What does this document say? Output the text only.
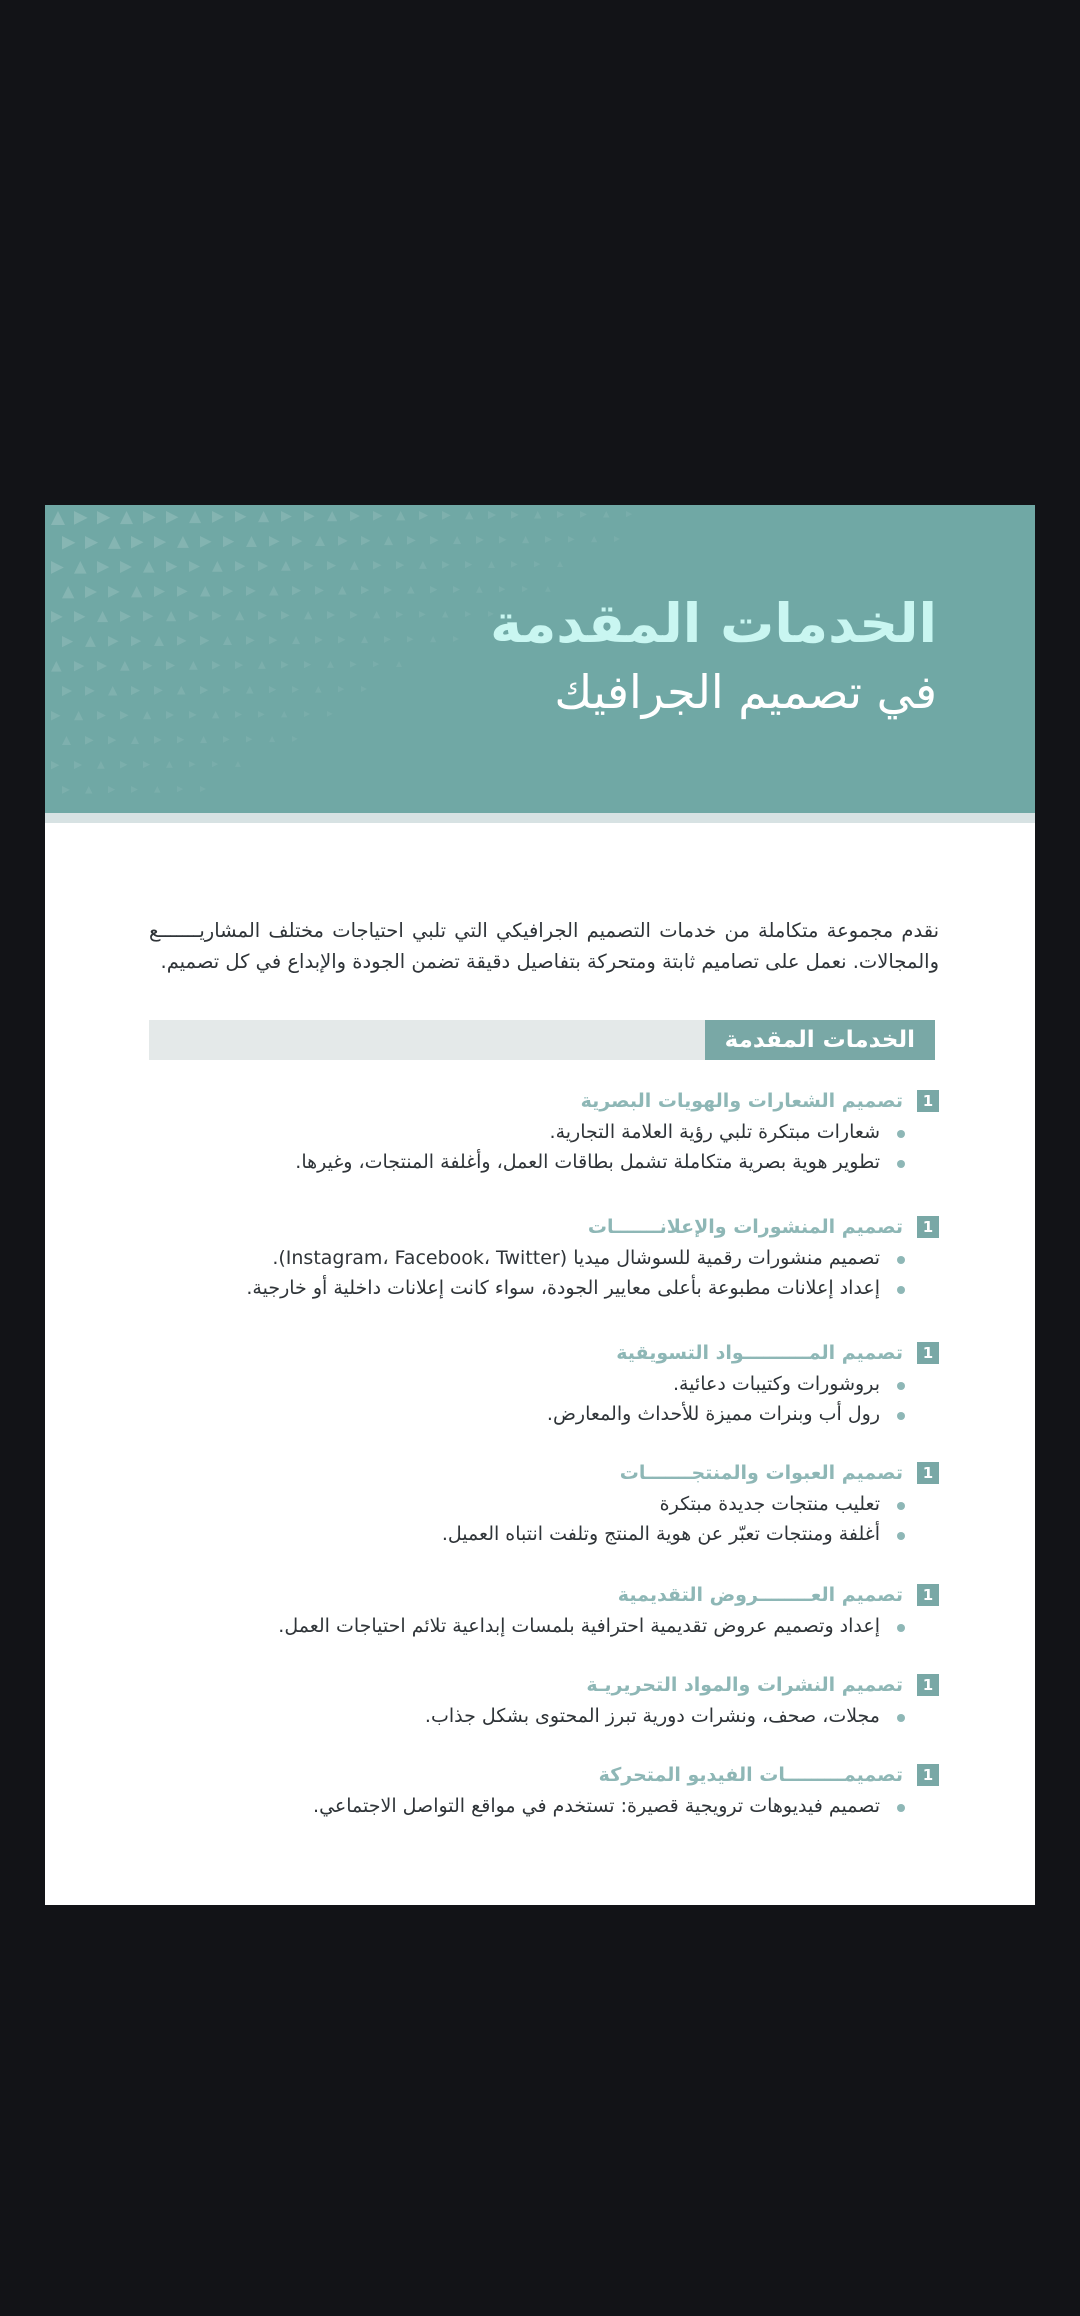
الخدمات المقدمة
في تصميم الجرافيك
نقدم مجموعة متكاملة من خدمات التصميم الجرافيكي التي تلبي احتياجات مختلف المشاريـــــــع والمجالات. نعمل على تصاميم ثابتة ومتحركة بتفاصيل دقيقة تضمن الجودة والإبداع في كل تصميم.
الخدمات المقدمة
1
تصميم الشعارات والهويات البصرية
شعارات مبتكرة تلبي رؤية العلامة التجارية.
تطوير هوية بصرية متكاملة تشمل بطاقات العمل، وأغلفة المنتجات، وغيرها.
1
تصميم المنشورات والإعلانـــــــات
تصميم منشورات رقمية للسوشال ميديا (Instagram، Facebook، Twitter).
إعداد إعلانات مطبوعة بأعلى معايير الجودة، سواء كانت إعلانات داخلية أو خارجية.
1
تصميم المــــــــــواد التسويقية
بروشورات وكتيبات دعائية.
رول أب وبنرات مميزة للأحداث والمعارض.
1
تصميم العبوات والمنتجـــــــات
تعليب منتجات جديدة مبتكرة
أغلفة ومنتجات تعبّر عن هوية المنتج وتلفت انتباه العميل.
1
تصميم العــــــــروض التقديمية
إعداد وتصميم عروض تقديمية احترافية بلمسات إبداعية تلائم احتياجات العمل.
1
تصميم النشرات والمواد التحريريـة
مجلات، صحف، ونشرات دورية تبرز المحتوى بشكل جذاب.
1
تصميمـــــــــات الفيديو المتحركة
تصميم فيديوهات ترويجية قصيرة: تستخدم في مواقع التواصل الاجتماعي.
